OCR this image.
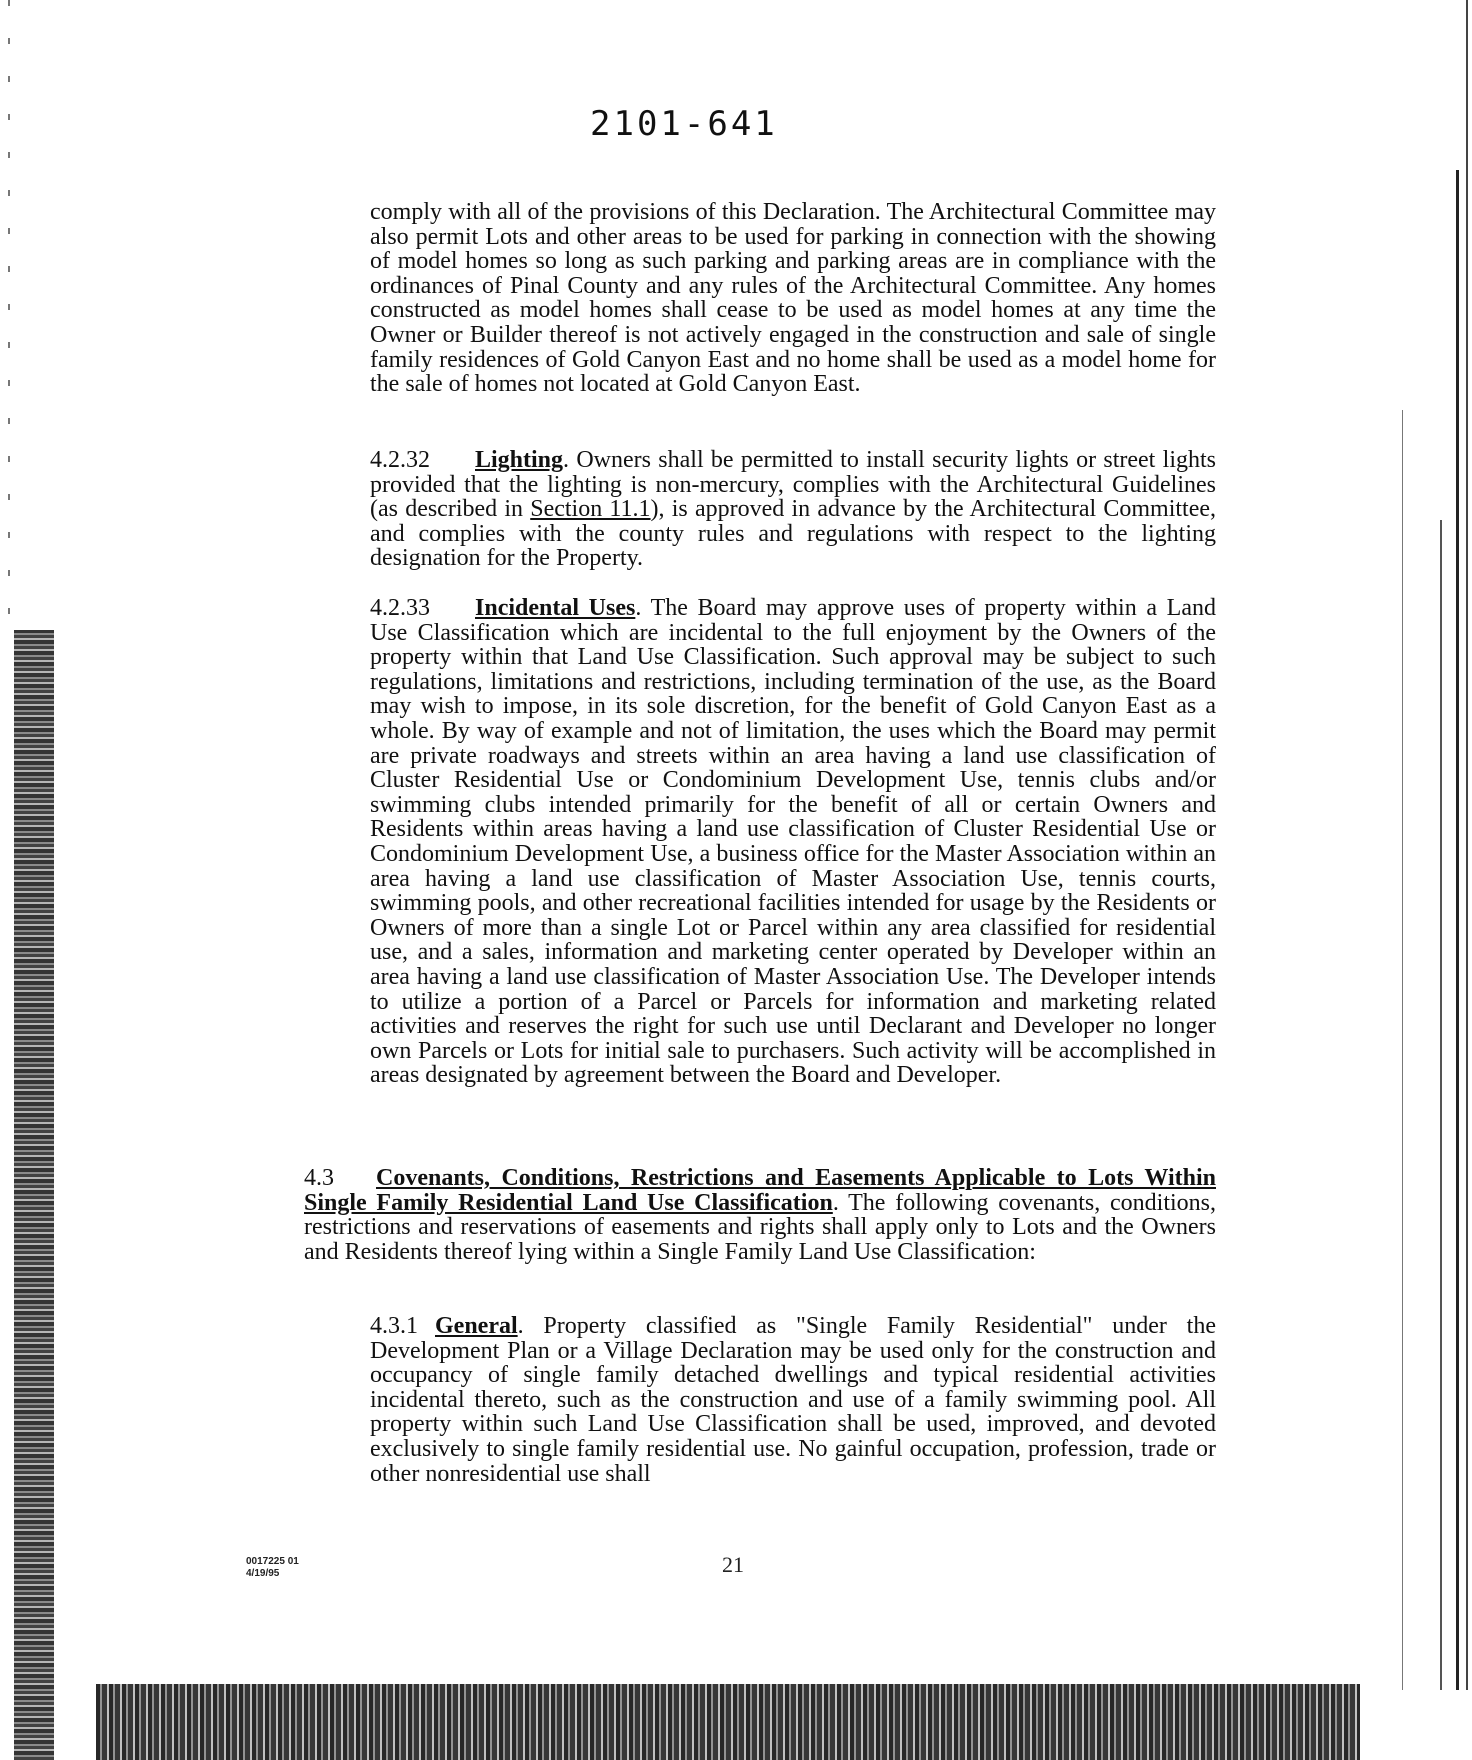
2101-641

comply with all of the provisions of this Declaration. The Architectural Committee may also permit Lots and other areas to be used for parking in connection with the showing of model homes so long as such parking and parking areas are in compliance with the ordinances of Pinal County and any rules of the Architectural Committee. Any homes constructed as model homes shall cease to be used as model homes at any time the Owner or Builder thereof is not actively engaged in the construction and sale of single family residences of Gold Canyon East and no home shall be used as a model home for the sale of homes not located at Gold Canyon East.

4.2.32 Lighting. Owners shall be permitted to install security lights or street lights provided that the lighting is non-mercury, complies with the Architectural Guidelines (as described in Section 11.1), is approved in advance by the Architectural Committee, and complies with the county rules and regulations with respect to the lighting designation for the Property.

4.2.33 Incidental Uses. The Board may approve uses of property within a Land Use Classification which are incidental to the full enjoyment by the Owners of the property within that Land Use Classification. Such approval may be subject to such regulations, limitations and restrictions, including termination of the use, as the Board may wish to impose, in its sole discretion, for the benefit of Gold Canyon East as a whole. By way of example and not of limitation, the uses which the Board may permit are private roadways and streets within an area having a land use classification of Cluster Residential Use or Condominium Development Use, tennis clubs and/or swimming clubs intended primarily for the benefit of all or certain Owners and Residents within areas having a land use classification of Cluster Residential Use or Condominium Development Use, a business office for the Master Association within an area having a land use classification of Master Association Use, tennis courts, swimming pools, and other recreational facilities intended for usage by the Residents or Owners of more than a single Lot or Parcel within any area classified for residential use, and a sales, information and marketing center operated by Developer within an area having a land use classification of Master Association Use. The Developer intends to utilize a portion of a Parcel or Parcels for information and marketing related activities and reserves the right for such use until Declarant and Developer no longer own Parcels or Lots for initial sale to purchasers. Such activity will be accomplished in areas designated by agreement between the Board and Developer.

4.3 Covenants, Conditions, Restrictions and Easements Applicable to Lots Within Single Family Residential Land Use Classification. The following covenants, conditions, restrictions and reservations of easements and rights shall apply only to Lots and the Owners and Residents thereof lying within a Single Family Land Use Classification:

4.3.1 General. Property classified as "Single Family Residential" under the Development Plan or a Village Declaration may be used only for the construction and occupancy of single family detached dwellings and typical residential activities incidental thereto, such as the construction and use of a family swimming pool. All property within such Land Use Classification shall be used, improved, and devoted exclusively to single family residential use. No gainful occupation, profession, trade or other nonresidential use shall

0017225 01
4/19/95	21
